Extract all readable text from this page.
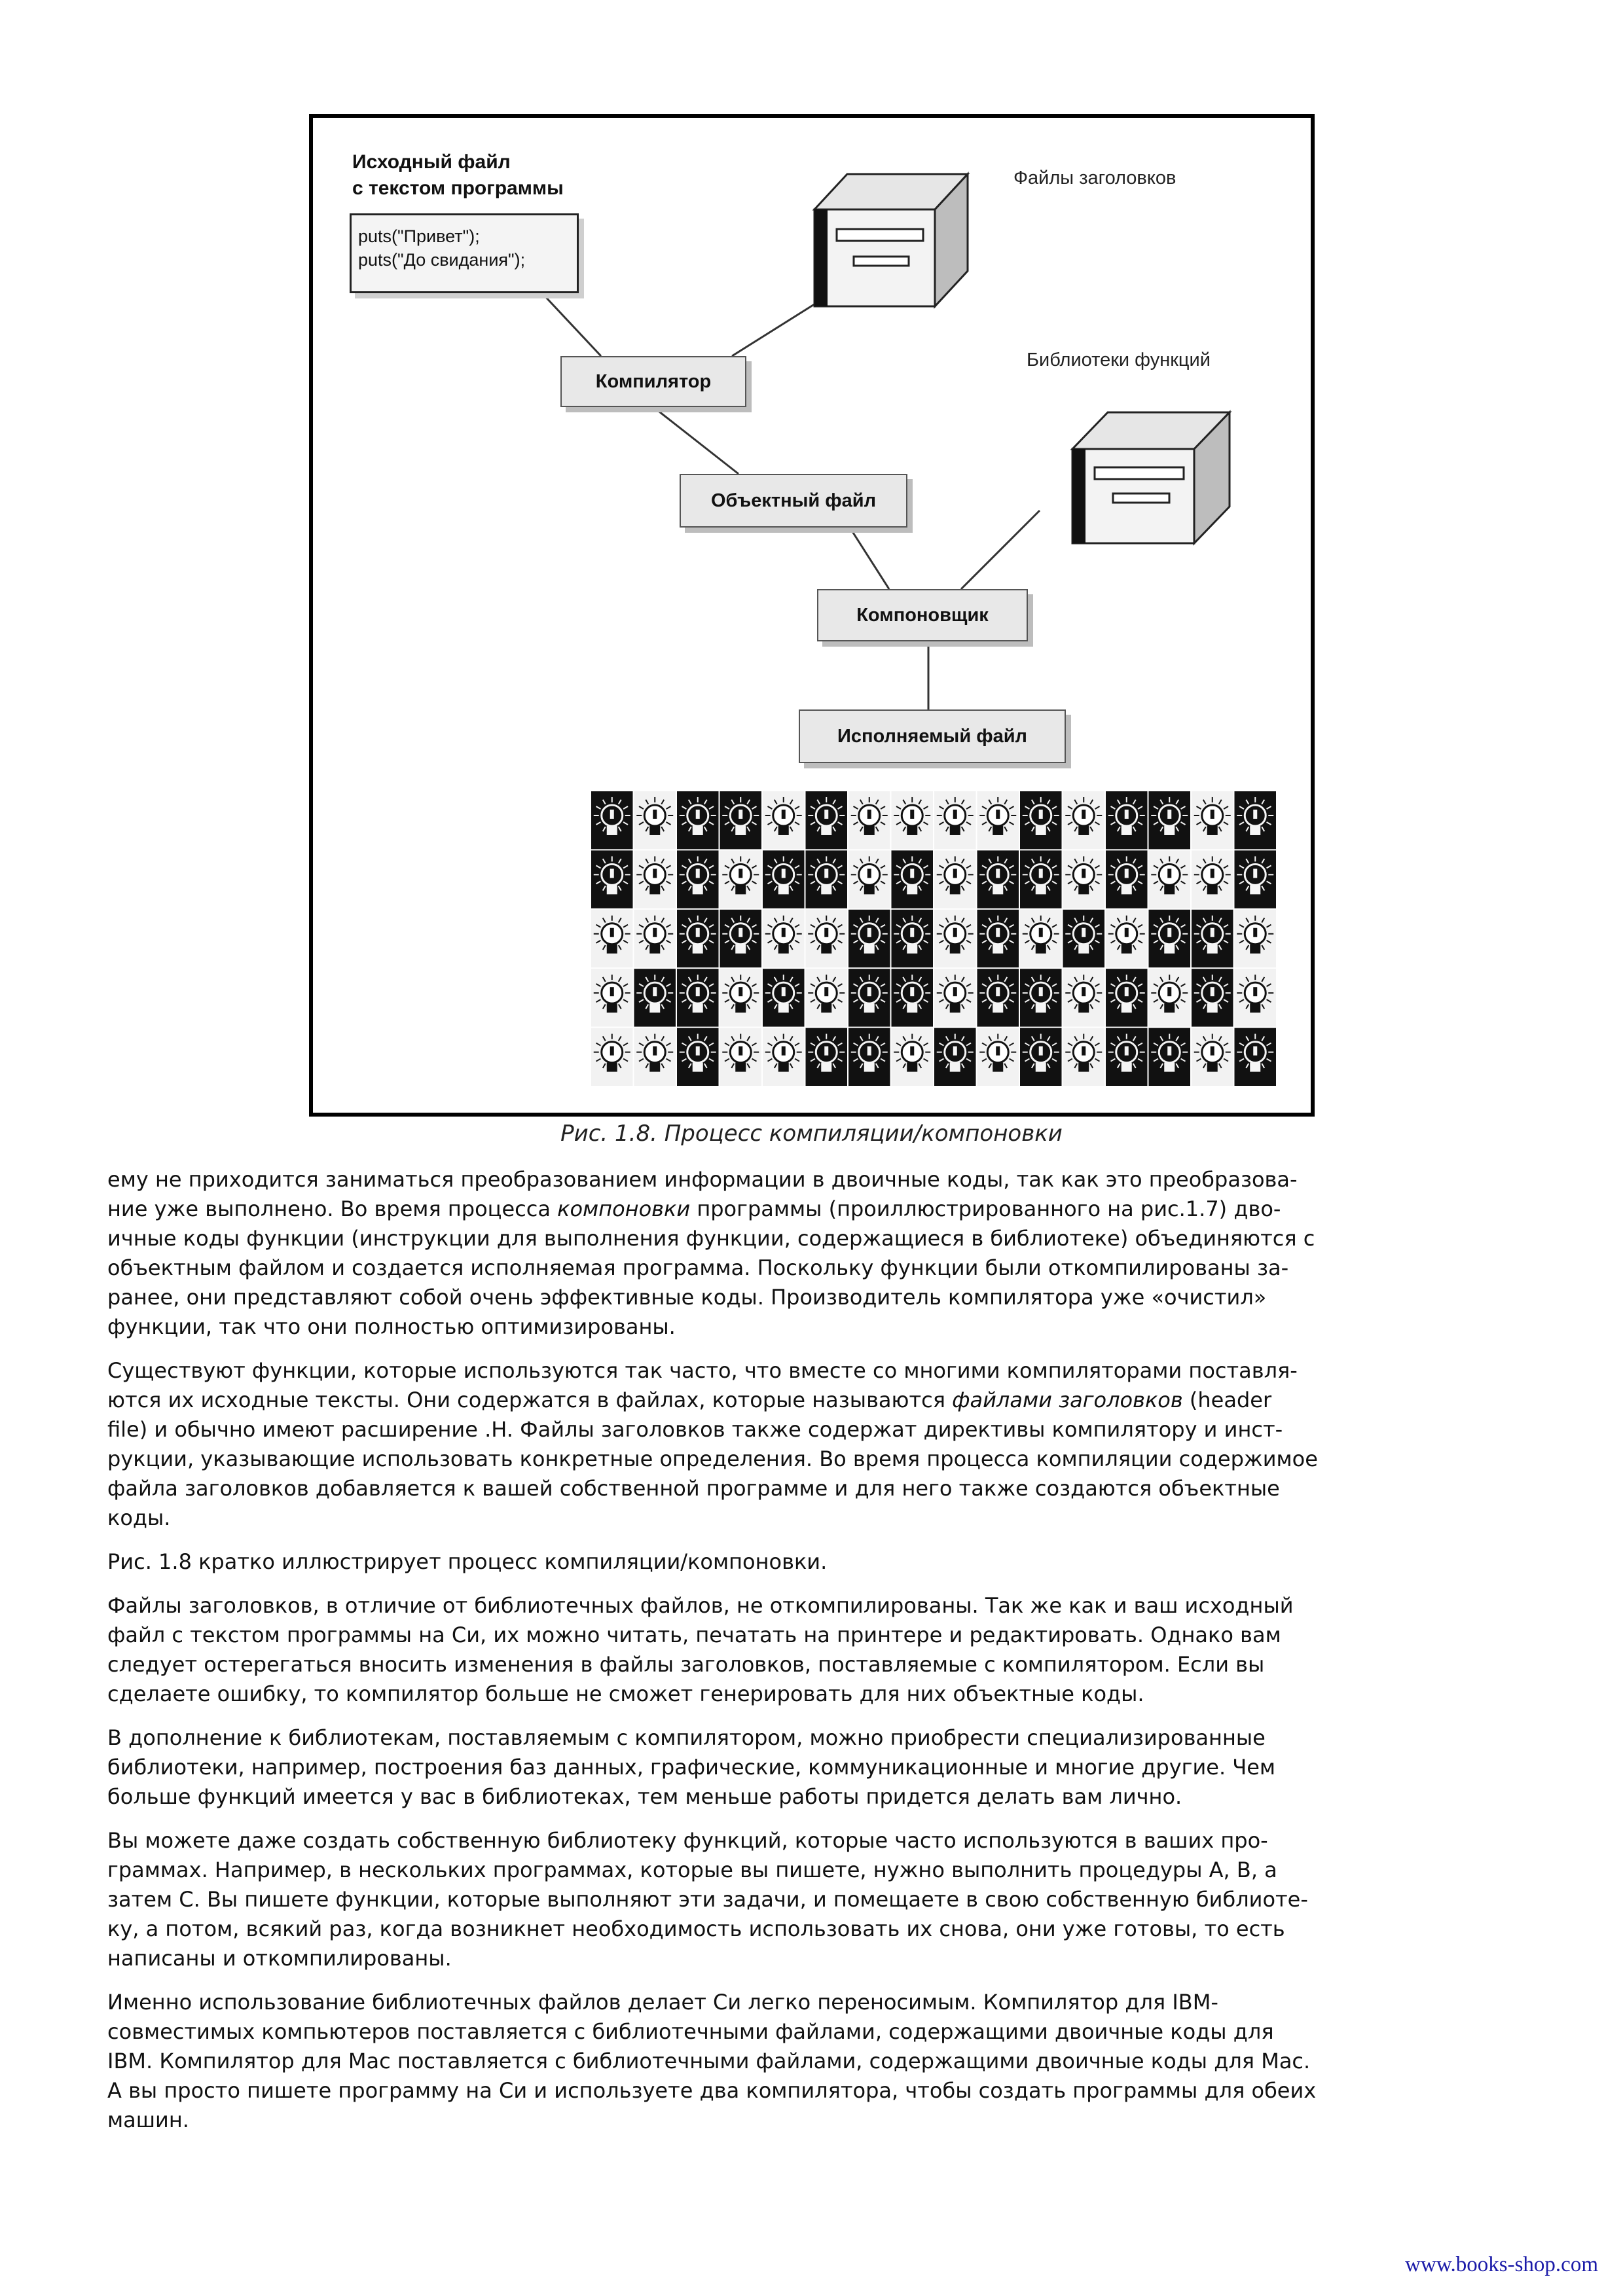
Исходный файл
с текстом программы
puts("Привет");
puts("До свидания");
Файлы заголовков
Библиотеки функций
Компилятор
Объектный файл
Компоновщик
Исполняемый файл
Рис. 1.8. Процесс компиляции/компоновки
ему не приходится заниматься преобразованием информации в двоичные коды, так как это преобразова-
ние уже выполнено. Во время процесса компоновки программы (проиллюстрированного на рис.1.7) дво-
ичные коды функции (инструкции для выполнения функции, содержащиеся в библиотеке) объединяются с
объектным файлом и создается исполняемая программа. Поскольку функции были откомпилированы за-
ранее, они представляют собой очень эффективные коды. Производитель компилятора уже «очистил»
функции, так что они полностью оптимизированы.
Существуют функции, которые используются так часто, что вместе со многими компиляторами поставля-
ются их исходные тексты. Они содержатся в файлах, которые называются файлами заголовков (header
file) и обычно имеют расширение .H. Файлы заголовков также содержат директивы компилятору и инст-
рукции, указывающие использовать конкретные определения. Во время процесса компиляции содержимое
файла заголовков добавляется к вашей собственной программе и для него также создаются объектные
коды.
Рис. 1.8 кратко иллюстрирует процесс компиляции/компоновки.
Файлы заголовков, в отличие от библиотечных файлов, не откомпилированы. Так же как и ваш исходный
файл с текстом программы на Си, их можно читать, печатать на принтере и редактировать. Однако вам
следует остерегаться вносить изменения в файлы заголовков, поставляемые с компилятором. Если вы
сделаете ошибку, то компилятор больше не сможет генерировать для них объектные коды.
В дополнение к библиотекам, поставляемым с компилятором, можно приобрести специализированные
библиотеки, например, построения баз данных, графические, коммуникационные и многие другие. Чем
больше функций имеется у вас в библиотеках, тем меньше работы придется делать вам лично.
Вы можете даже создать собственную библиотеку функций, которые часто используются в ваших про-
граммах. Например, в нескольких программах, которые вы пишете, нужно выполнить процедуры А, В, а
затем С. Вы пишете функции, которые выполняют эти задачи, и помещаете в свою собственную библиоте-
ку, а потом, всякий раз, когда возникнет необходимость использовать их снова, они уже готовы, то есть
написаны и откомпилированы.
Именно использование библиотечных файлов делает Си легко переносимым. Компилятор для IBM-
совместимых компьютеров поставляется с библиотечными файлами, содержащими двоичные коды для
IBM. Компилятор для Мас поставляется с библиотечными файлами, содержащими двоичные коды для Мас.
А вы просто пишете программу на Си и используете два компилятора, чтобы создать программы для обеих
машин.
www.books-shop.com
